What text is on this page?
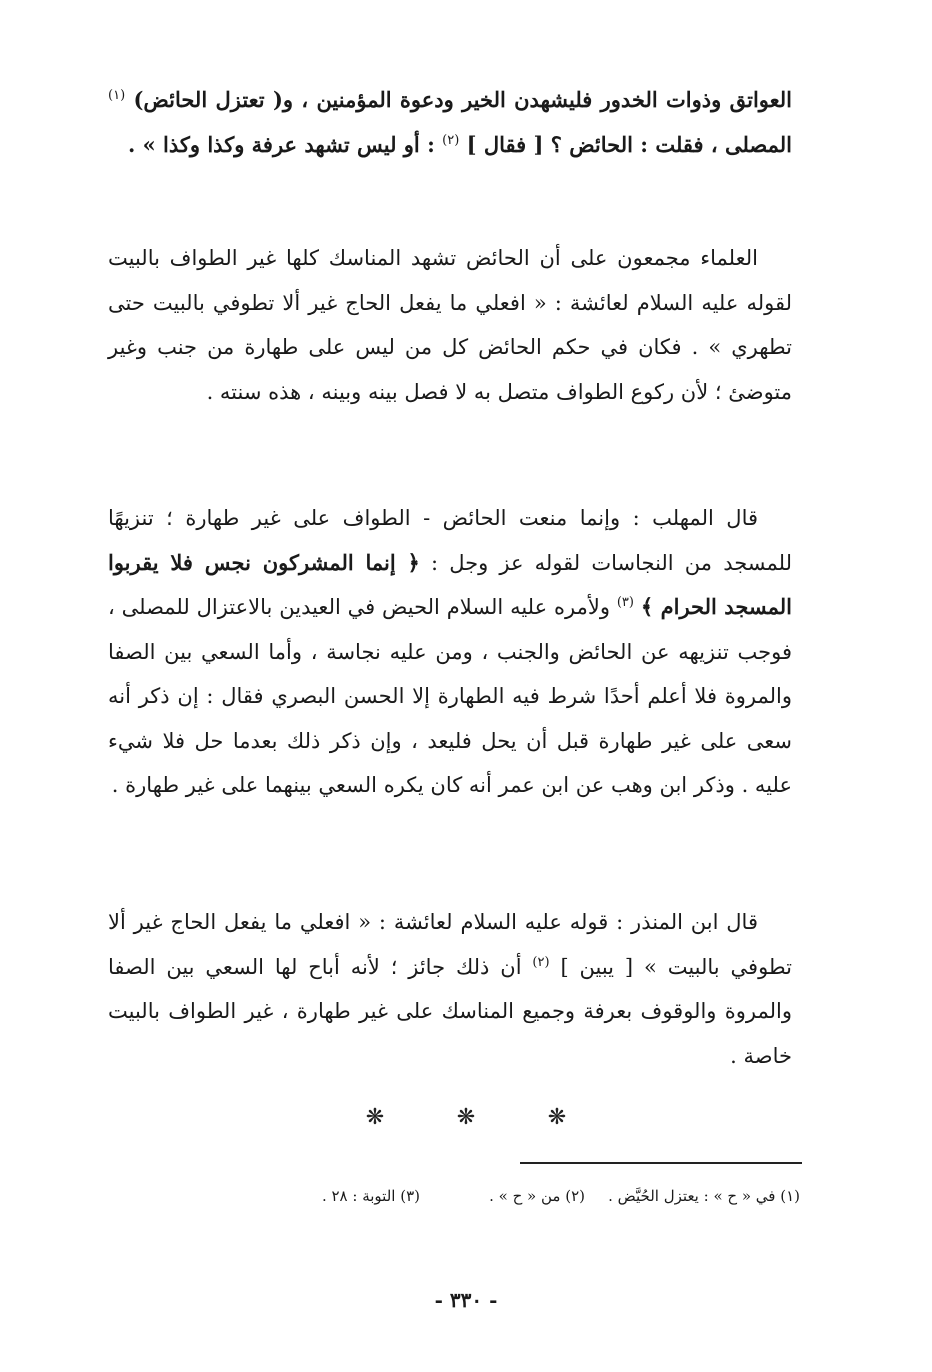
العواتق وذوات الخدور فليشهدن الخير ودعوة المؤمنين ، و( تعتزل الحائض) $^{(١)}$ المصلى ، فقلت : الحائض ؟ [ فقال ] $^{(٢)}$ : أو ليس تشهد عرفة وكذا وكذا » .

العلماء مجمعون على أن الحائض تشهد المناسك كلها غير الطواف بالبيت لقوله عليه السلام لعائشة : « افعلي ما يفعل الحاج غير ألا تطوفي بالبيت حتى تطهري » . فكان في حكم الحائض كل من ليس على طهارة من جنب وغير متوضئ ؛ لأن ركوع الطواف متصل به لا فصل بينه وبينه ، هذه سنته .

قال المهلب : وإنما منعت الحائض - الطواف على غير طهارة ؛ تنزيهًا للمسجد من النجاسات لقوله عز وجل : ﴿ إنما المشركون نجس فلا يقربوا المسجد الحرام ﴾ $^{(٣)}$ ولأمره عليه السلام الحيض في العيدين بالاعتزال للمصلى ، فوجب تنزيهه عن الحائض والجنب ، ومن عليه نجاسة ، وأما السعي بين الصفا والمروة فلا أعلم أحدًا شرط فيه الطهارة إلا الحسن البصري فقال : إن ذكر أنه سعى على غير طهارة قبل أن يحل فليعد ، وإن ذكر ذلك بعدما حل فلا شيء عليه . وذكر ابن وهب عن ابن عمر أنه كان يكره السعي بينهما على غير طهارة .

قال ابن المنذر : قوله عليه السلام لعائشة : « افعلي ما يفعل الحاج غير ألا تطوفي بالبيت » [ يبين ] $^{(٢)}$ أن ذلك جائز ؛ لأنه أباح لها السعي بين الصفا والمروة والوقوف بعرفة وجميع المناسك على غير طهارة ، غير الطواف بالبيت خاصة .

❋	❋	❋
(١) في « ح » : يعتزل الحُيَّض .
(٢) من « ح » .
(٣) التوبة : ٢٨ .
- ٣٣٠ -
